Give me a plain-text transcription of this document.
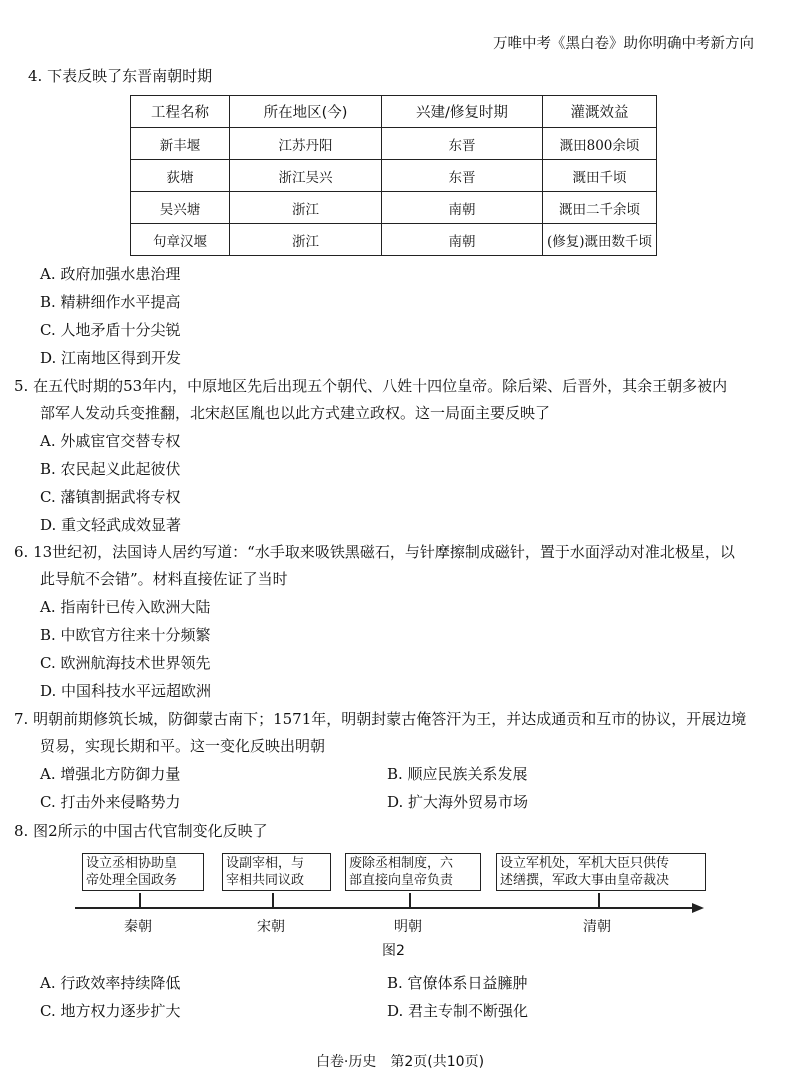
万唯中考《黑白卷》助你明确中考新方向
4. 下表反映了东晋南朝时期
工程名称	所在地区(今)	兴建/修复时期	灌溉效益
新丰堰	江苏丹阳	东晋	溉田800余顷
荻塘	浙江吴兴	东晋	溉田千顷
吴兴塘	浙江	南朝	溉田二千余顷
句章汉堰	浙江	南朝	(修复)溉田数千顷
A. 政府加强水患治理
B. 精耕细作水平提高
C. 人地矛盾十分尖锐
D. 江南地区得到开发
5. 在五代时期的53年内，中原地区先后出现五个朝代、八姓十四位皇帝。除后梁、后晋外，其余王朝多被内
部军人发动兵变推翻，北宋赵匡胤也以此方式建立政权。这一局面主要反映了
A. 外戚宦官交替专权
B. 农民起义此起彼伏
C. 藩镇割据武将专权
D. 重文轻武成效显著
6. 13世纪初，法国诗人居约写道：“水手取来吸铁黑磁石，与针摩擦制成磁针，置于水面浮动对准北极星，以
此导航不会错”。材料直接佐证了当时
A. 指南针已传入欧洲大陆
B. 中欧官方往来十分频繁
C. 欧洲航海技术世界领先
D. 中国科技水平远超欧洲
7. 明朝前期修筑长城，防御蒙古南下；1571年，明朝封蒙古俺答汗为王，并达成通贡和互市的协议，开展边境
贸易，实现长期和平。这一变化反映出明朝
A. 增强北方防御力量	B. 顺应民族关系发展
C. 打击外来侵略势力	D. 扩大海外贸易市场
8. 图2所示的中国古代官制变化反映了
设立丞相协助皇
帝处理全国政务
设副宰相，与
宰相共同议政
废除丞相制度，六
部直接向皇帝负责
设立军机处，军机大臣只供传
述缮撰，军政大事由皇帝裁决
秦朝	宋朝	明朝	清朝
图2
A. 行政效率持续降低	B. 官僚体系日益臃肿
C. 地方权力逐步扩大	D. 君主专制不断强化
白卷·历史　第2页(共10页)
